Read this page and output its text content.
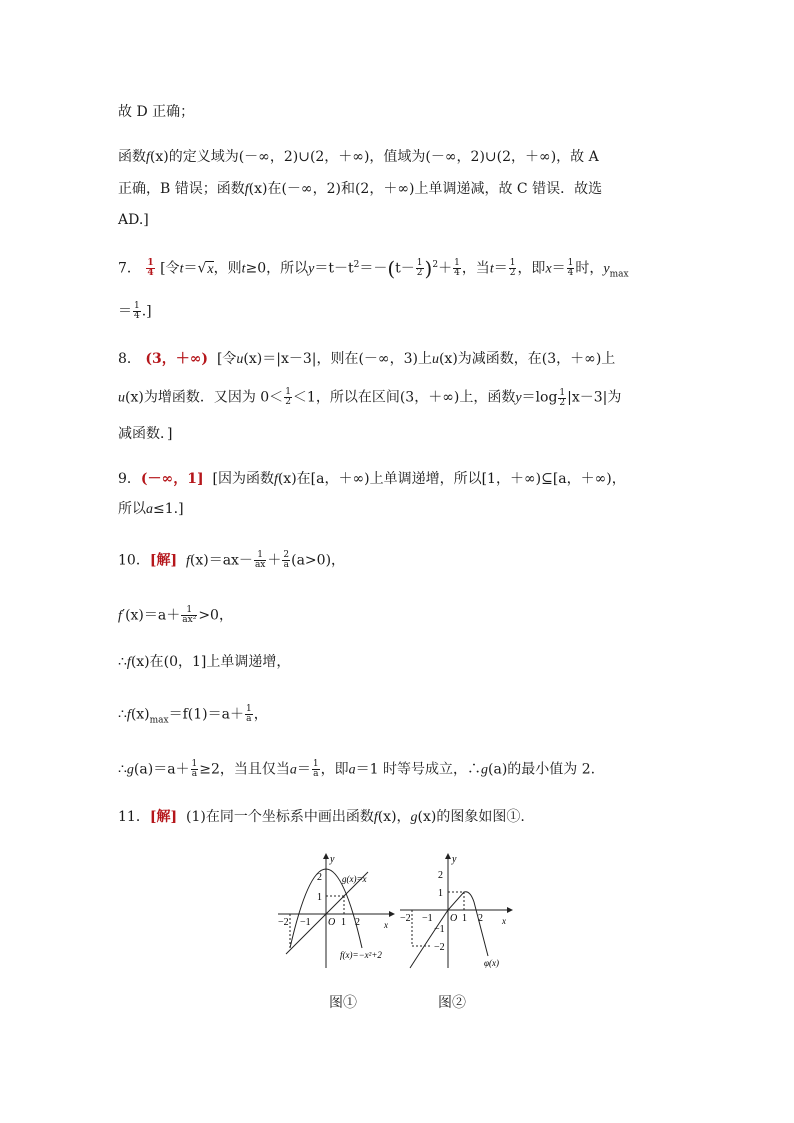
故 D 正确；
函数f(x)的定义域为(－∞，2)∪(2，＋∞)，值域为(－∞，2)∪(2，＋∞)，故 A
正确，B 错误；函数f(x)在(－∞，2)和(2，＋∞)上单调递减，故 C 错误．故选
AD.]
7． $\frac{1}{4}$ [令t＝√x，则t≥0，所以$y=t-t^2=-(t- \frac{1}{2} )^2+ \frac{1}{4}$ ，当$t= \frac{1}{2}$ ，即$x= \frac{1}{4}$ 时，$y_{max}$
＝ $\frac{1}{4}$ .]
8． (3，＋∞) [令u(x)＝|x－3|，则在(－∞，3)上u(x)为减函数，在(3，＋∞)上
u(x)为增函数．又因为 $0< \frac{1}{2} <1$，所以在区间(3，＋∞)上，函数$y=\log \frac{1}{2} |x-3|$为
减函数．]
9．(－∞，1] [因为函数f(x)在[a，＋∞)上单调递增，所以[1，＋∞)⊆[a，＋∞)，
所以a≤1.]
10．[解] $f(x)=ax- \frac{1}{ax} + \frac{2}{a} (a>0)$，
$f'(x)=a+ \frac{1}{\text{ax²}} >0$，
∴f(x)在(0，1]上单调递增，
$\therefore f(x)_{max}=f(1)=a+ \frac{1}{a}$ ，
∴g(a)＝a＋ $\frac{1}{a} \ge 2$，当且仅当$a= \frac{1}{a}$ ，即a＝1 时等号成立，∴g(a)的最小值为 2.
11．[解] (1)在同一个坐标系中画出函数f(x)，g(x)的图象如图①.
y
x
O
2
1
−2 −1	1 2
g(x)=x
f(x)=−x²+2
y
x
O
2
1
−1
−2
−2 −1	1 2
φ(x)
图①	图②
